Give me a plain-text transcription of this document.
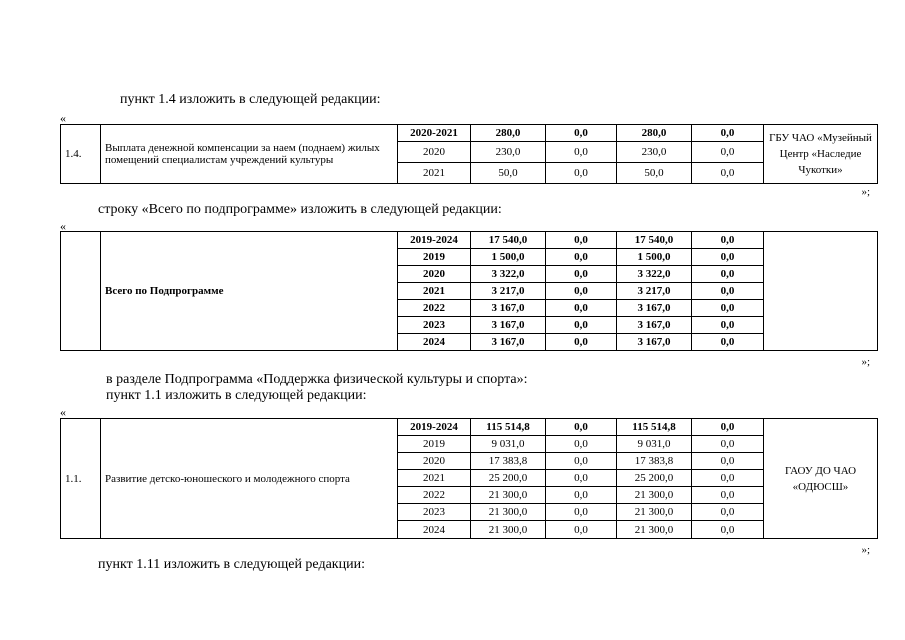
пункт 1.4 изложить в следующей редакции:
«
1.4.	Выплата денежной компенсации за наем (поднаем) жилых помещений специалистам учреждений культуры	2020-2021	280,0	0,0	280,0	0,0	ГБУ ЧАО «Музейный Центр «Наследие Чукотки»
		2020	230,0	0,0	230,0	0,0	
		2021	50,0	0,0	50,0	0,0	
»;
строку «Всего по подпрограмме» изложить в следующей редакции:
«
	Всего по Подпрограмме	2019-2024	17 540,0	0,0	17 540,0	0,0	
		2019	1 500,0	0,0	1 500,0	0,0	
		2020	3 322,0	0,0	3 322,0	0,0	
		2021	3 217,0	0,0	3 217,0	0,0	
		2022	3 167,0	0,0	3 167,0	0,0	
		2023	3 167,0	0,0	3 167,0	0,0	
		2024	3 167,0	0,0	3 167,0	0,0	
»;
в разделе Подпрограмма «Поддержка физической культуры и спорта»:
пункт 1.1 изложить в следующей редакции:
«
1.1.	Развитие детско-юношеского и молодежного спорта	2019-2024	115 514,8	0,0	115 514,8	0,0	ГАОУ ДО ЧАО «ОДЮСШ»
		2019	9 031,0	0,0	9 031,0	0,0	
		2020	17 383,8	0,0	17 383,8	0,0	
		2021	25 200,0	0,0	25 200,0	0,0	
		2022	21 300,0	0,0	21 300,0	0,0	
		2023	21 300,0	0,0	21 300,0	0,0	
		2024	21 300,0	0,0	21 300,0	0,0	
»;
пункт 1.11 изложить в следующей редакции:
